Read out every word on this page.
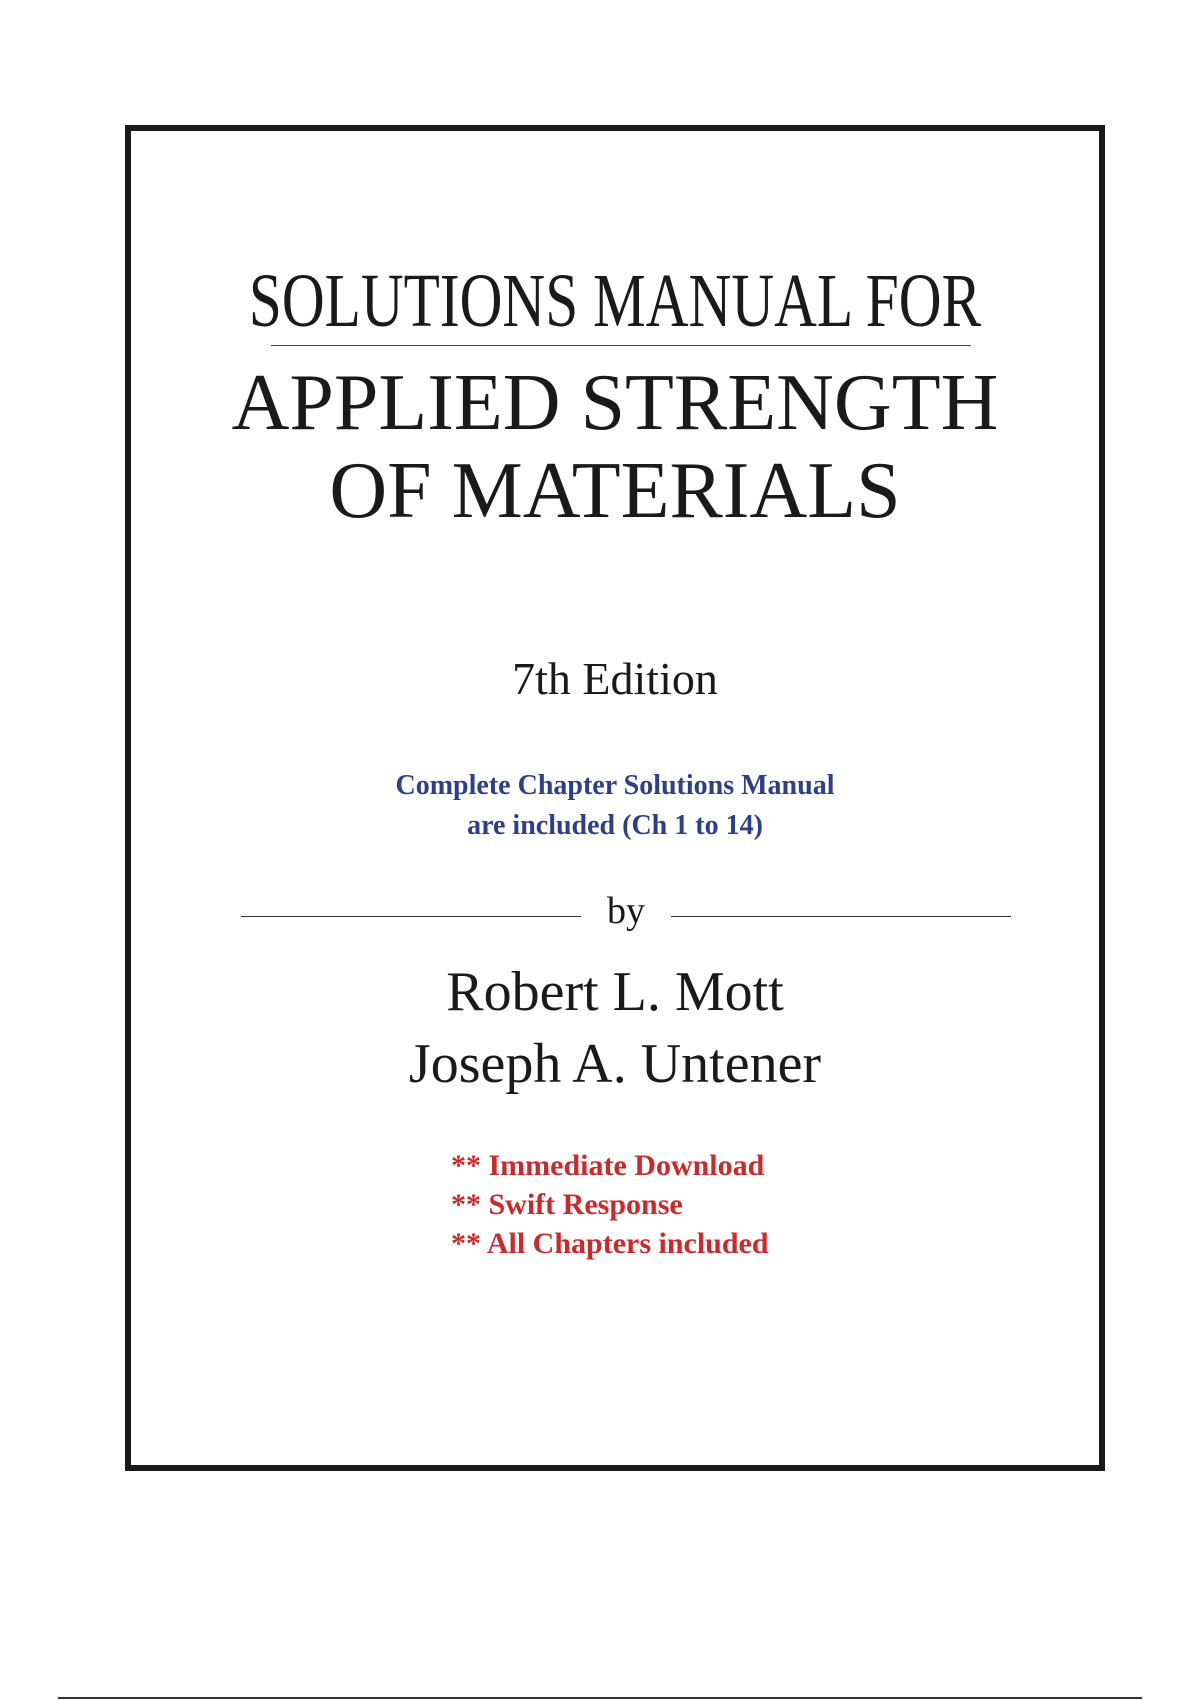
SOLUTIONS MANUAL FOR
APPLIED STRENGTH
OF MATERIALS
7th Edition
Complete Chapter Solutions Manual
are included (Ch 1 to 14)
by
Robert L. Mott
Joseph A. Untener
** Immediate Download
** Swift Response
** All Chapters included
